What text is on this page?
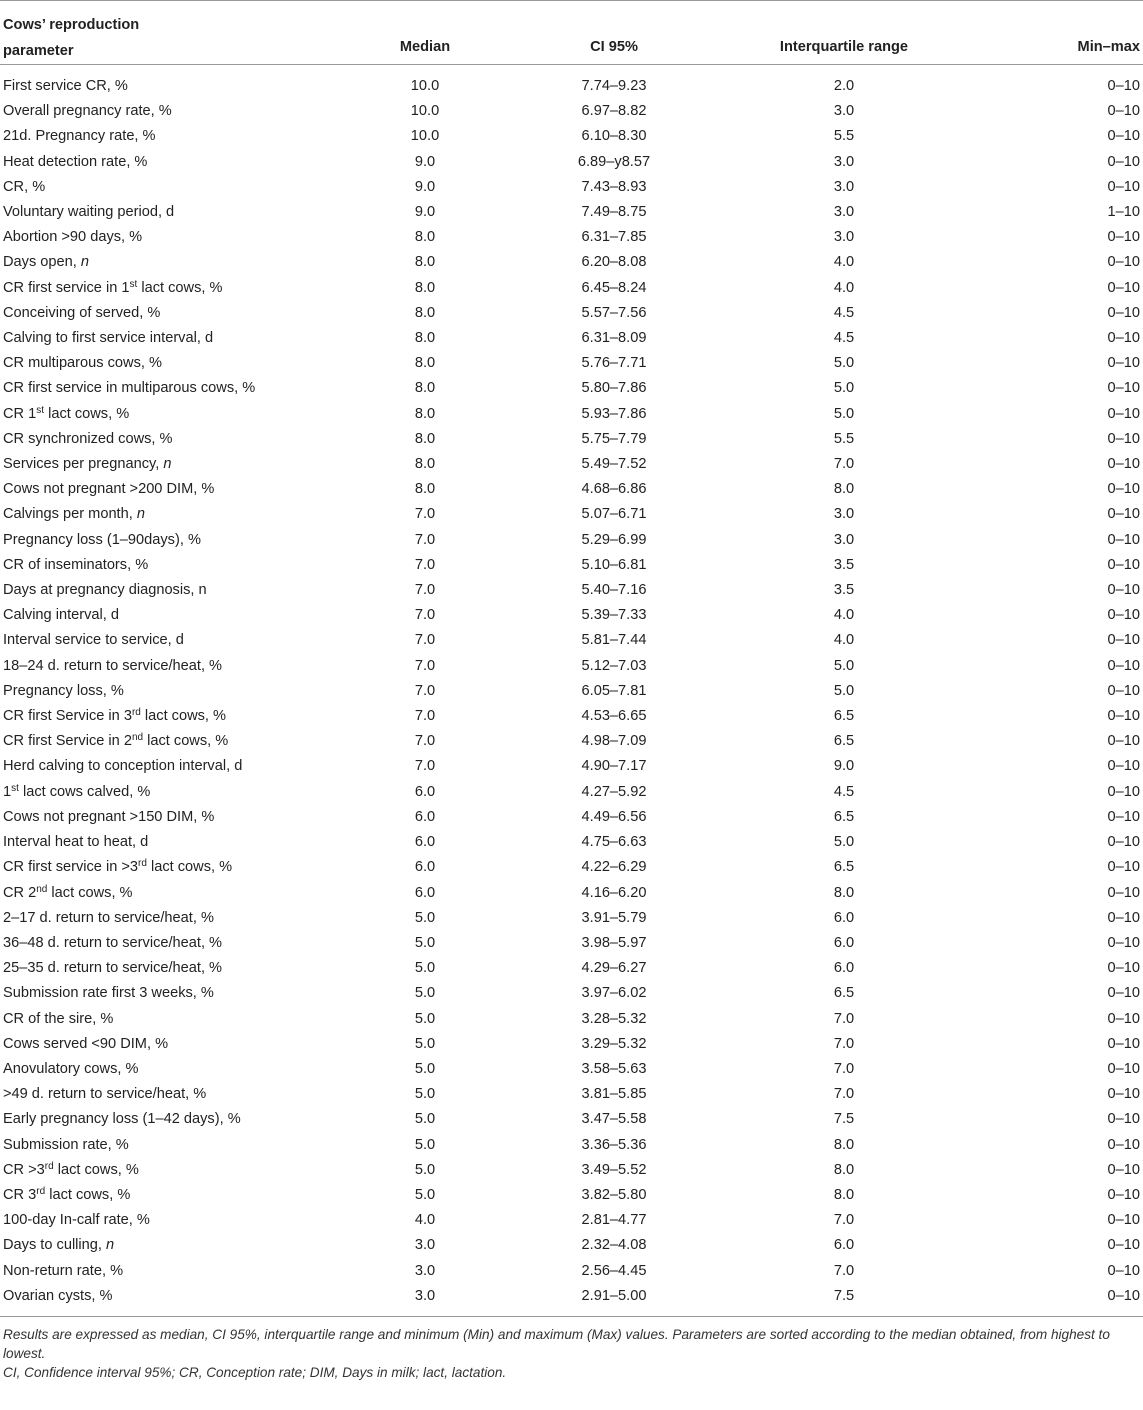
Cows’ reproduction
parameter	Median	CI 95%	Interquartile range	Min–max
First service CR, %	10.0	7.74–9.23	2.0	0–10
Overall pregnancy rate, %	10.0	6.97–8.82	3.0	0–10
21d. Pregnancy rate, %	10.0	6.10–8.30	5.5	0–10
Heat detection rate, %	9.0	6.89–y8.57	3.0	0–10
CR, %	9.0	7.43–8.93	3.0	0–10
Voluntary waiting period, d	9.0	7.49–8.75	3.0	1–10
Abortion >90 days, %	8.0	6.31–7.85	3.0	0–10
Days open, n	8.0	6.20–8.08	4.0	0–10
CR first service in 1st lact cows, %	8.0	6.45–8.24	4.0	0–10
Conceiving of served, %	8.0	5.57–7.56	4.5	0–10
Calving to first service interval, d	8.0	6.31–8.09	4.5	0–10
CR multiparous cows, %	8.0	5.76–7.71	5.0	0–10
CR first service in multiparous cows, %	8.0	5.80–7.86	5.0	0–10
CR 1st lact cows, %	8.0	5.93–7.86	5.0	0–10
CR synchronized cows, %	8.0	5.75–7.79	5.5	0–10
Services per pregnancy, n	8.0	5.49–7.52	7.0	0–10
Cows not pregnant >200 DIM, %	8.0	4.68–6.86	8.0	0–10
Calvings per month, n	7.0	5.07–6.71	3.0	0–10
Pregnancy loss (1–90days), %	7.0	5.29–6.99	3.0	0–10
CR of inseminators, %	7.0	5.10–6.81	3.5	0–10
Days at pregnancy diagnosis, n	7.0	5.40–7.16	3.5	0–10
Calving interval, d	7.0	5.39–7.33	4.0	0–10
Interval service to service, d	7.0	5.81–7.44	4.0	0–10
18–24 d. return to service/heat, %	7.0	5.12–7.03	5.0	0–10
Pregnancy loss, %	7.0	6.05–7.81	5.0	0–10
CR first Service in 3rd lact cows, %	7.0	4.53–6.65	6.5	0–10
CR first Service in 2nd lact cows, %	7.0	4.98–7.09	6.5	0–10
Herd calving to conception interval, d	7.0	4.90–7.17	9.0	0–10
1st lact cows calved, %	6.0	4.27–5.92	4.5	0–10
Cows not pregnant >150 DIM, %	6.0	4.49–6.56	6.5	0–10
Interval heat to heat, d	6.0	4.75–6.63	5.0	0–10
CR first service in >3rd lact cows, %	6.0	4.22–6.29	6.5	0–10
CR 2nd lact cows, %	6.0	4.16–6.20	8.0	0–10
2–17 d. return to service/heat, %	5.0	3.91–5.79	6.0	0–10
36–48 d. return to service/heat, %	5.0	3.98–5.97	6.0	0–10
25–35 d. return to service/heat, %	5.0	4.29–6.27	6.0	0–10
Submission rate first 3 weeks, %	5.0	3.97–6.02	6.5	0–10
CR of the sire, %	5.0	3.28–5.32	7.0	0–10
Cows served <90 DIM, %	5.0	3.29–5.32	7.0	0–10
Anovulatory cows, %	5.0	3.58–5.63	7.0	0–10
>49 d. return to service/heat, %	5.0	3.81–5.85	7.0	0–10
Early pregnancy loss (1–42 days), %	5.0	3.47–5.58	7.5	0–10
Submission rate, %	5.0	3.36–5.36	8.0	0–10
CR >3rd lact cows, %	5.0	3.49–5.52	8.0	0–10
CR 3rd lact cows, %	5.0	3.82–5.80	8.0	0–10
100-day In-calf rate, %	4.0	2.81–4.77	7.0	0–10
Days to culling, n	3.0	2.32–4.08	6.0	0–10
Non-return rate, %	3.0	2.56–4.45	7.0	0–10
Ovarian cysts, %	3.0	2.91–5.00	7.5	0–10

Results are expressed as median, CI 95%, interquartile range and minimum (Min) and maximum (Max) values. Parameters are sorted according to the median obtained, from highest to lowest.

CI, Confidence interval 95%; CR, Conception rate; DIM, Days in milk; lact, lactation.
